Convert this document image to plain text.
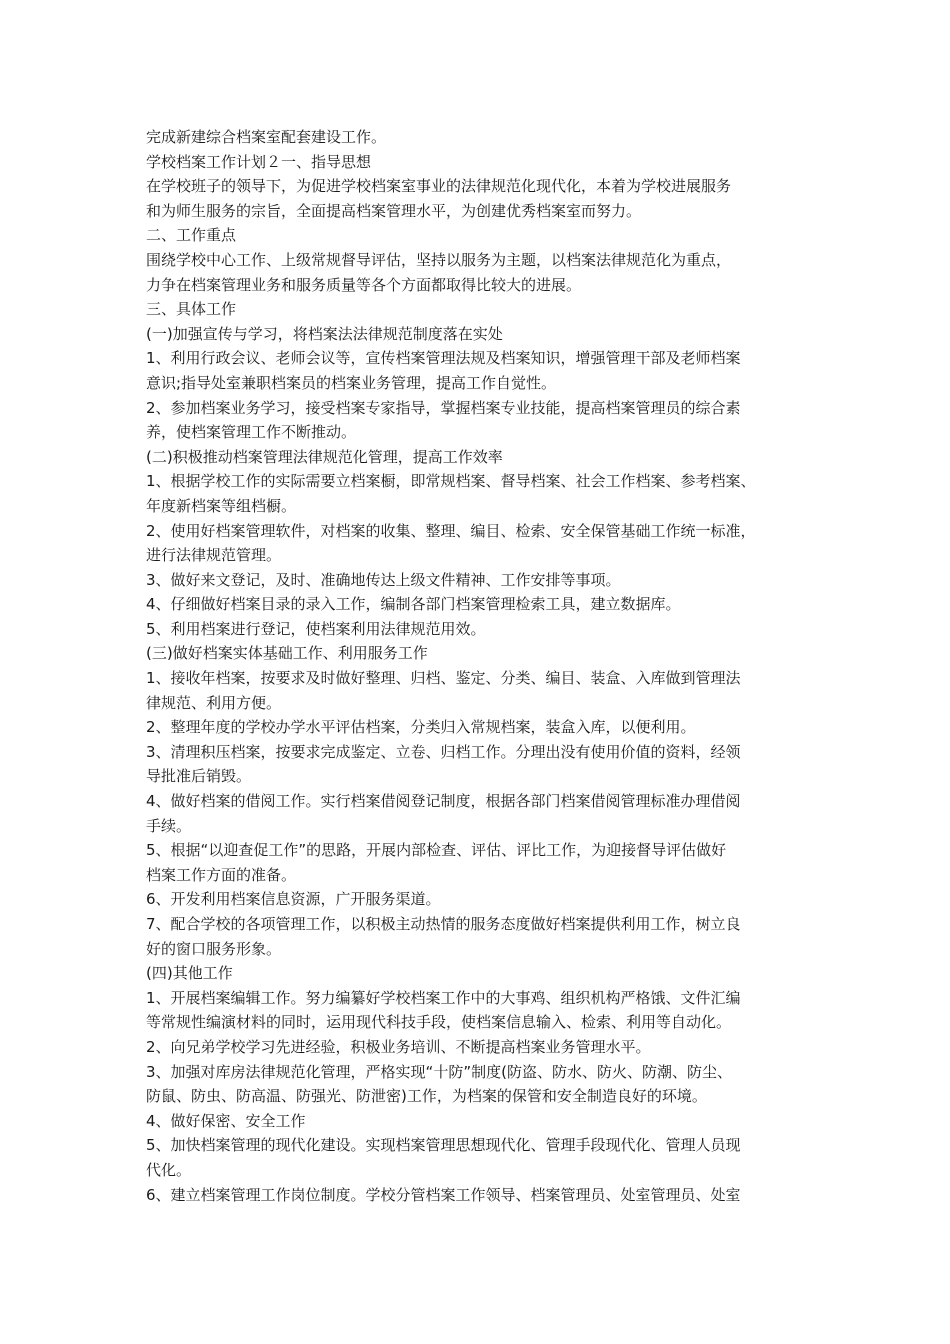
完成新建综合档案室配套建设工作。
学校档案工作计划２一、指导思想
在学校班子的领导下，为促进学校档案室事业的法律规范化现代化，本着为学校进展服务
和为师生服务的宗旨，全面提高档案管理水平，为创建优秀档案室而努力。
二、工作重点
围绕学校中心工作、上级常规督导评估，坚持以服务为主题，以档案法律规范化为重点，
力争在档案管理业务和服务质量等各个方面都取得比较大的进展。
三、具体工作
(一)加强宣传与学习，将档案法法律规范制度落在实处
1、利用行政会议、老师会议等，宣传档案管理法规及档案知识，增强管理干部及老师档案
意识;指导处室兼职档案员的档案业务管理，提高工作自觉性。
2、参加档案业务学习，接受档案专家指导，掌握档案专业技能，提高档案管理员的综合素
养，使档案管理工作不断推动。
(二)积极推动档案管理法律规范化管理，提高工作效率
1、根据学校工作的实际需要立档案橱，即常规档案、督导档案、社会工作档案、参考档案、
年度新档案等组档橱。
2、使用好档案管理软件，对档案的收集、整理、编目、检索、安全保管基础工作统一标准，
进行法律规范管理。
3、做好来文登记，及时、准确地传达上级文件精神、工作安排等事项。
4、仔细做好档案目录的录入工作，编制各部门档案管理检索工具，建立数据库。
5、利用档案进行登记，使档案利用法律规范用效。
(三)做好档案实体基础工作、利用服务工作
1、接收年档案，按要求及时做好整理、归档、鉴定、分类、编目、装盒、入库做到管理法
律规范、利用方便。
2、整理年度的学校办学水平评估档案，分类归入常规档案，装盒入库，以便利用。
3、清理积压档案，按要求完成鉴定、立卷、归档工作。分理出没有使用价值的资料，经领
导批准后销毁。
4、做好档案的借阅工作。实行档案借阅登记制度，根据各部门档案借阅管理标准办理借阅
手续。
5、根据“以迎查促工作”的思路，开展内部检查、评估、评比工作，为迎接督导评估做好
档案工作方面的准备。
6、开发利用档案信息资源，广开服务渠道。
7、配合学校的各项管理工作，以积极主动热情的服务态度做好档案提供利用工作，树立良
好的窗口服务形象。
(四)其他工作
1、开展档案编辑工作。努力编纂好学校档案工作中的大事鸡、组织机构严格饿、文件汇编
等常规性编演材料的同时，运用现代科技手段，使档案信息输入、检索、利用等自动化。
2、向兄弟学校学习先进经验，积极业务培训、不断提高档案业务管理水平。
3、加强对库房法律规范化管理，严格实现“十防”制度(防盗、防水、防火、防潮、防尘、
防鼠、防虫、防高温、防强光、防泄密)工作，为档案的保管和安全制造良好的环境。
4、做好保密、安全工作
5、加快档案管理的现代化建设。实现档案管理思想现代化、管理手段现代化、管理人员现
代化。
6、建立档案管理工作岗位制度。学校分管档案工作领导、档案管理员、处室管理员、处室
